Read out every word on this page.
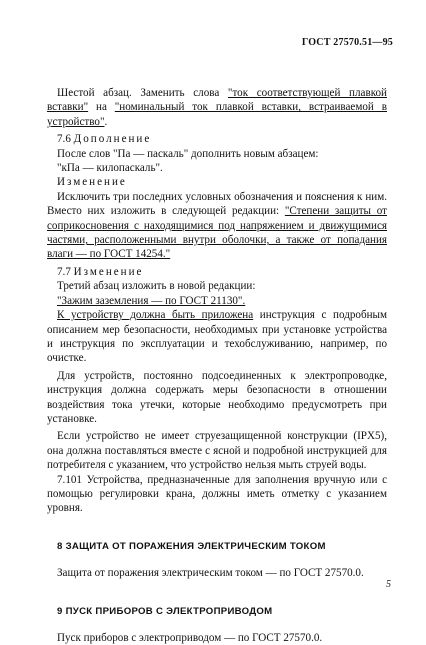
ГОСТ 27570.51—95

Шестой абзац. Заменить слова "ток соответствующей плавкой вставки" на "номинальный ток плавкой вставки, встраиваемой в устройство".

7.6 Дополнение

После слов "Па — паскаль" дополнить новым абзацем:

"кПа — килопаскаль".

Изменение

Исключить три последних условных обозначения и пояснения к ним. Вместо них изложить в следующей редакции: "Степени защиты от соприкосновения с находящимися под напряжением и движущимися частями, расположенными внутри оболочки, а также от попадания влаги — по ГОСТ 14254."

7.7 Изменение

Третий абзац изложить в новой редакции:

"Зажим заземления — по ГОСТ 21130".

К устройству должна быть приложена инструкция с подробным описанием мер безопасности, необходимых при установке устройства и инструкция по эксплуатации и техобслуживанию, например, по очистке.

Для устройств, постоянно подсоединенных к электропроводке, инструкция должна содержать меры безопасности в отношении воздействия тока утечки, которые необходимо предусмотреть при установке.

Если устройство не имеет струезащищенной конструкции (IPX5), она должна поставляться вместе с ясной и подробной инструкцией для потребителя с указанием, что устройство нельзя мыть струей воды.

7.101 Устройства, предназначенные для заполнения вручную или с помощью регулировки крана, должны иметь отметку с указанием уровня.

8 ЗАЩИТА ОТ ПОРАЖЕНИЯ ЭЛЕКТРИЧЕСКИМ ТОКОМ

Защита от поражения электрическим током — по ГОСТ 27570.0.

9 ПУСК ПРИБОРОВ С ЭЛЕКТРОПРИВОДОМ

Пуск приборов с электроприводом — по ГОСТ 27570.0.

5
